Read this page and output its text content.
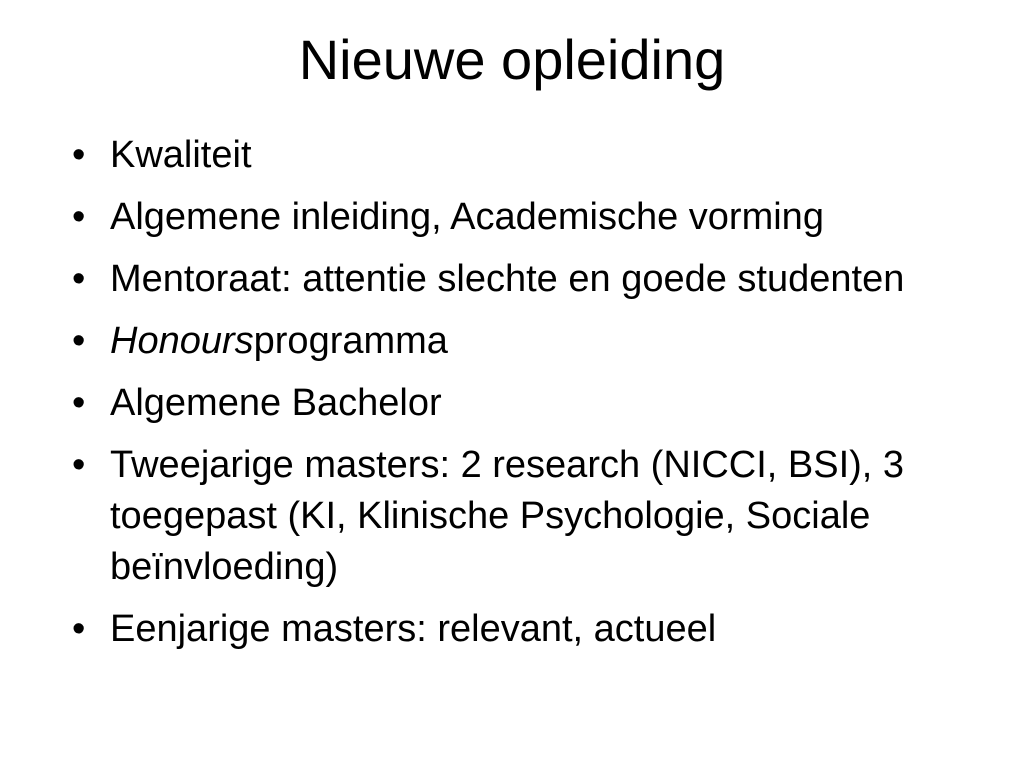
Nieuwe opleiding
• Kwaliteit
• Algemene inleiding, Academische vorming
• Mentoraat: attentie slechte en goede studenten
• Honoursprogramma
• Algemene Bachelor
• Tweejarige masters: 2 research (NICCI, BSI), 3 toegepast (KI, Klinische Psychologie, Sociale beïnvloeding)
• Eenjarige masters: relevant, actueel
